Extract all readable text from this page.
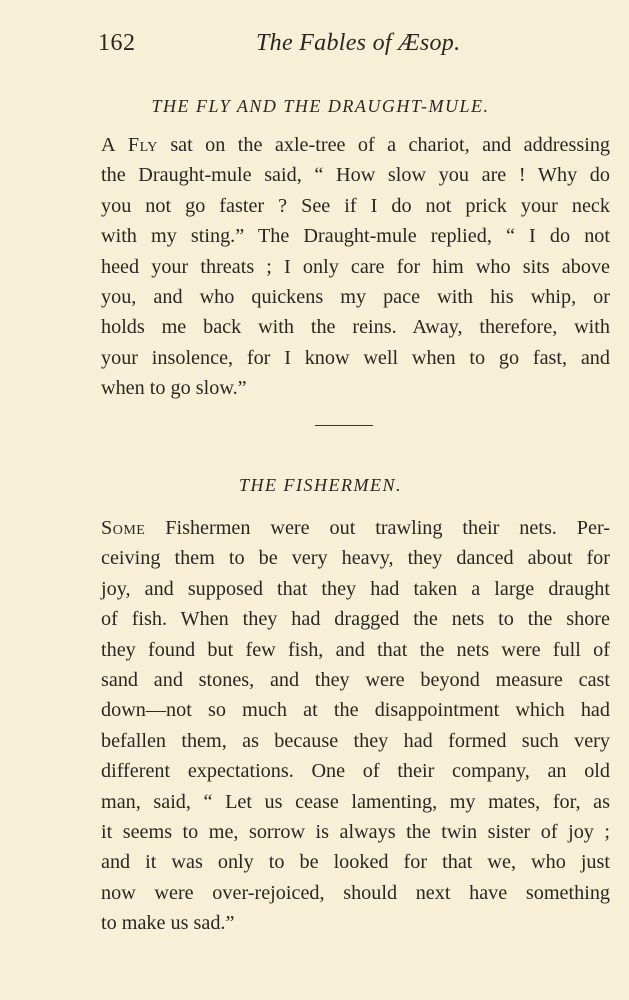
162	The Fables of Æsop.
THE FLY AND THE DRAUGHT-MULE.
A Fly sat on the axle-tree of a chariot, and addressing
the Draught-mule said, “ How slow you are ! Why do
you not go faster ? See if I do not prick your neck
with my sting.” The Draught-mule replied, “ I do not
heed your threats ; I only care for him who sits above
you, and who quickens my pace with his whip, or
holds me back with the reins. Away, therefore, with
your insolence, for I know well when to go fast, and
when to go slow.”
THE FISHERMEN.
Some Fishermen were out trawling their nets. Per-
ceiving them to be very heavy, they danced about for
joy, and supposed that they had taken a large draught
of fish. When they had dragged the nets to the shore
they found but few fish, and that the nets were full of
sand and stones, and they were beyond measure cast
down—not so much at the disappointment which had
befallen them, as because they had formed such very
different expectations. One of their company, an old
man, said, “ Let us cease lamenting, my mates, for, as
it seems to me, sorrow is always the twin sister of joy ;
and it was only to be looked for that we, who just
now were over-rejoiced, should next have something
to make us sad.”
